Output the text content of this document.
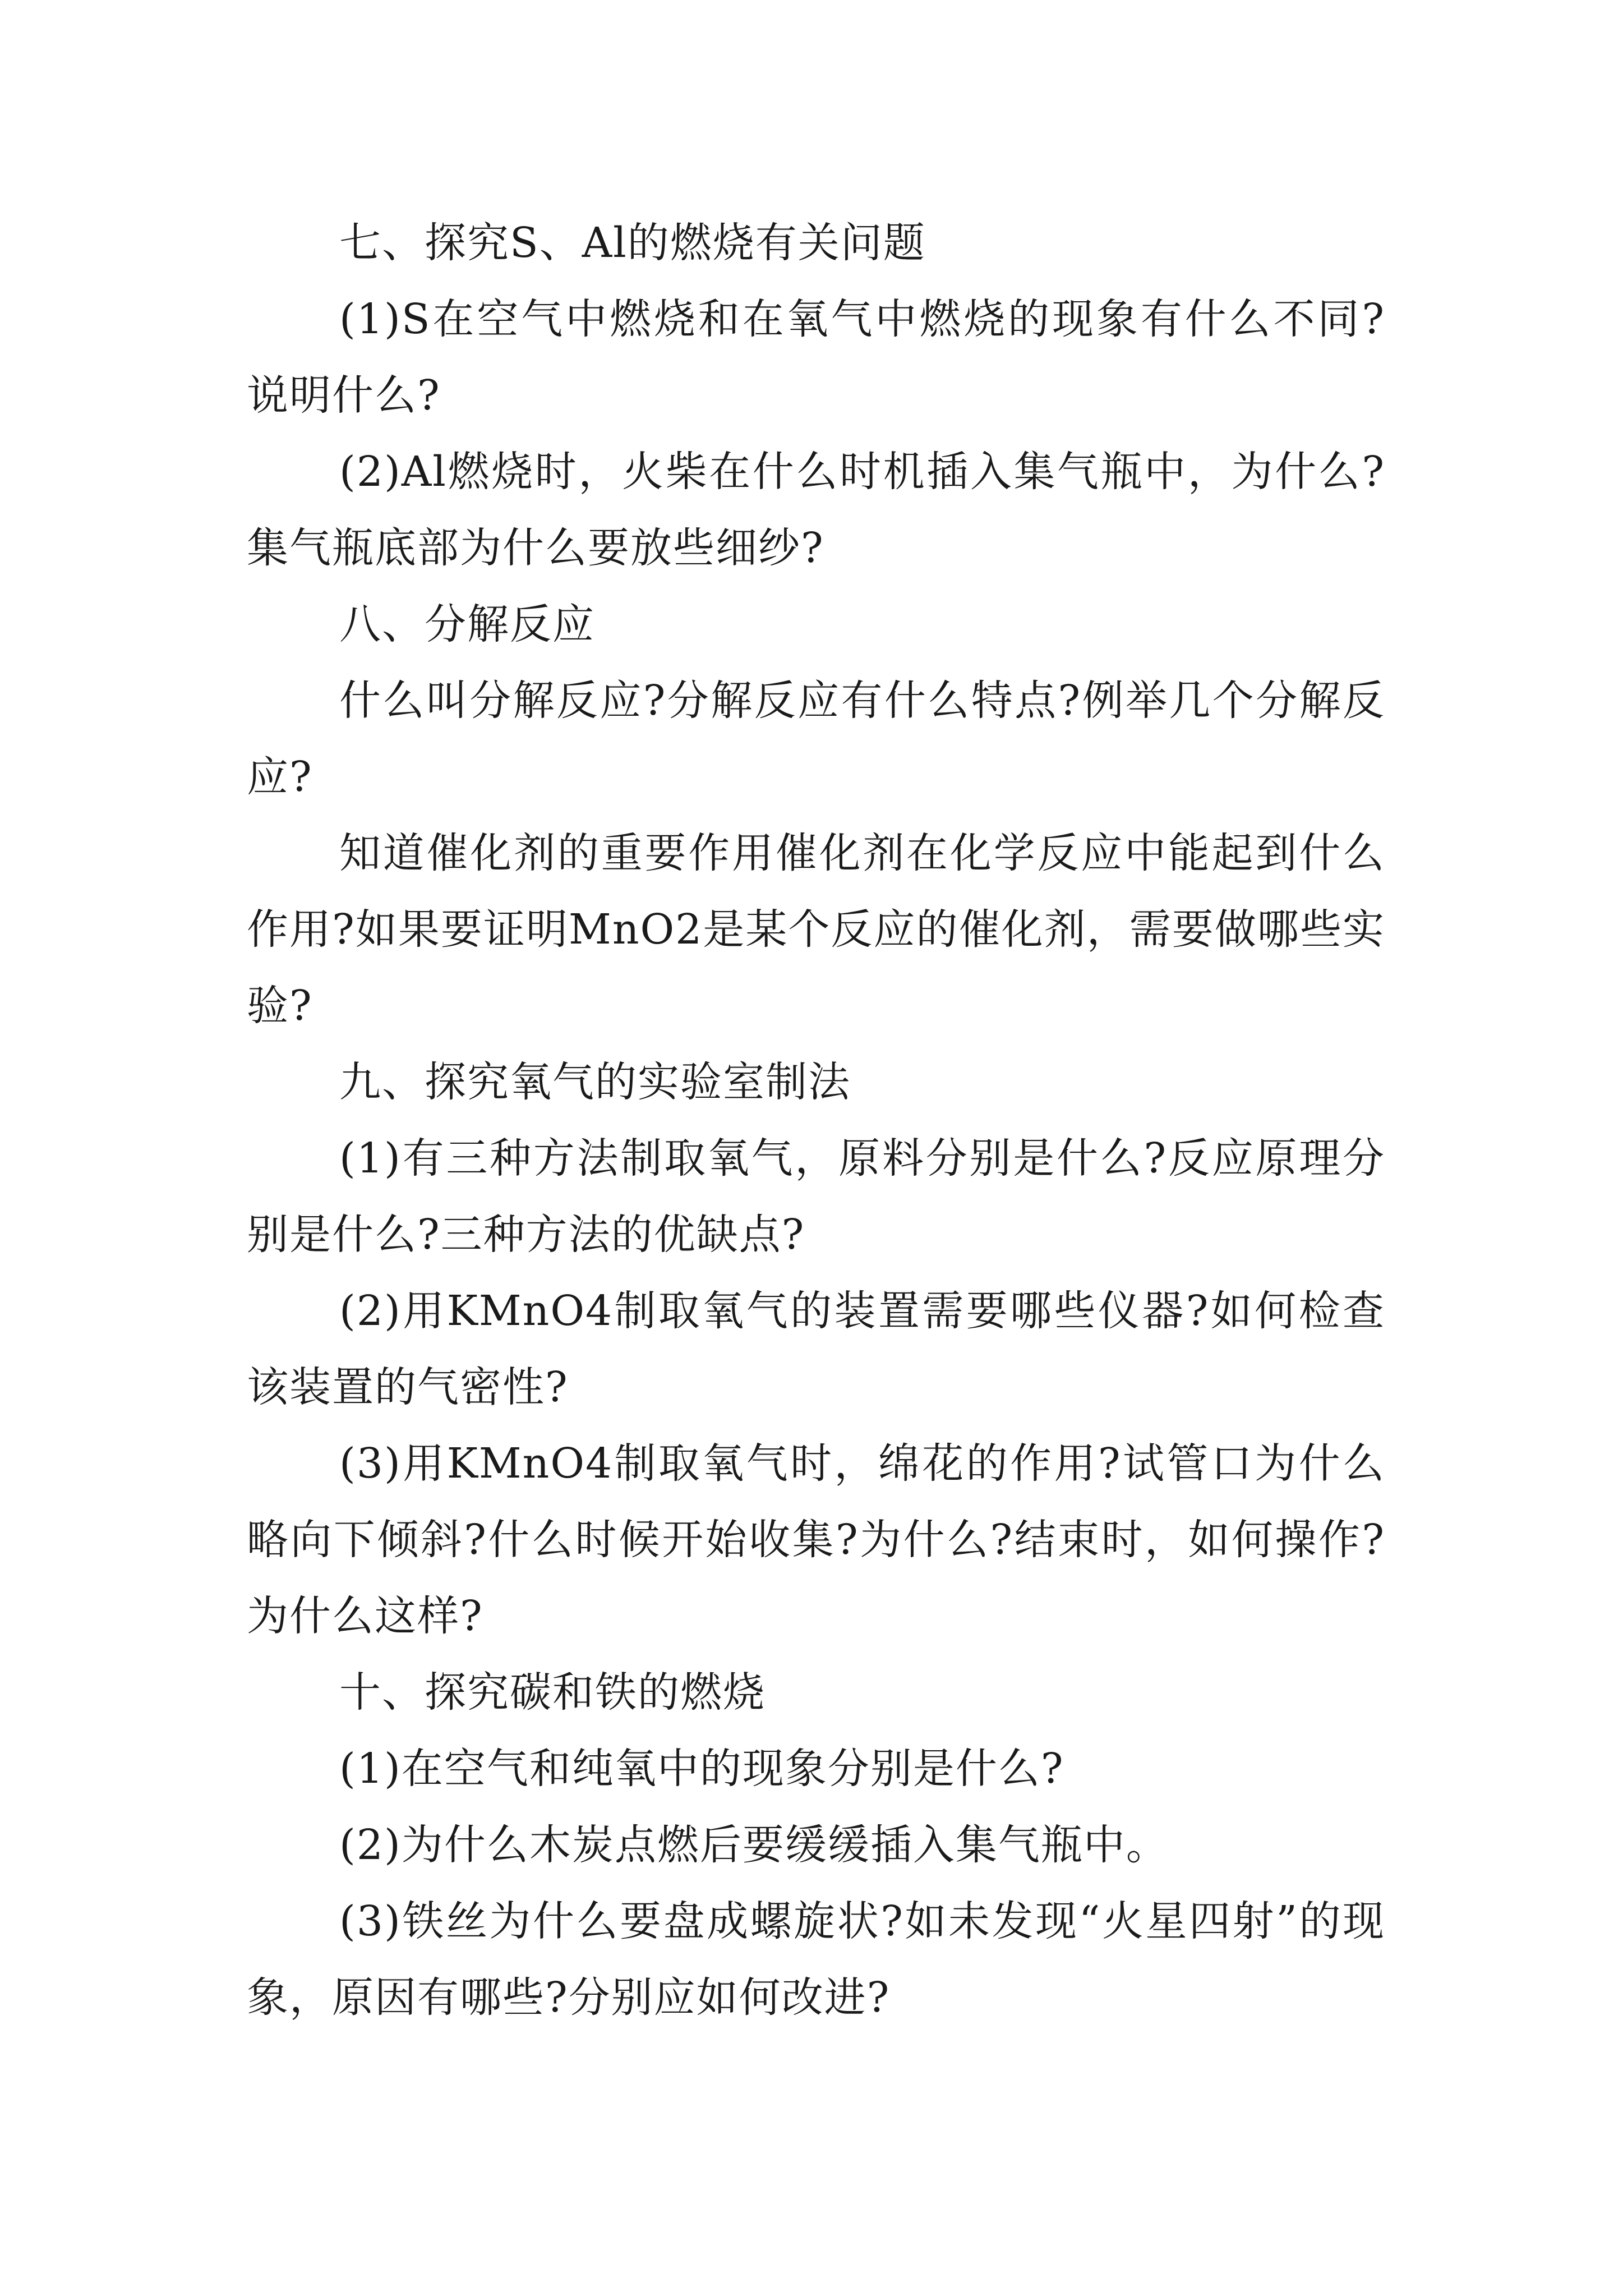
七、探究S、Al的燃烧有关问题

(1)S在空气中燃烧和在氧气中燃烧的现象有什么不同?说明什么?

(2)Al燃烧时，火柴在什么时机插入集气瓶中，为什么?集气瓶底部为什么要放些细纱?

八、分解反应

什么叫分解反应?分解反应有什么特点?例举几个分解反应?

知道催化剂的重要作用催化剂在化学反应中能起到什么作用?如果要证明MnO2是某个反应的催化剂，需要做哪些实验?

九、探究氧气的实验室制法

(1)有三种方法制取氧气，原料分别是什么?反应原理分别是什么?三种方法的优缺点?

(2)用KMnO4制取氧气的装置需要哪些仪器?如何检查该装置的气密性?

(3)用KMnO4制取氧气时，绵花的作用?试管口为什么略向下倾斜?什么时候开始收集?为什么?结束时，如何操作?为什么这样?

十、探究碳和铁的燃烧

(1)在空气和纯氧中的现象分别是什么?

(2)为什么木炭点燃后要缓缓插入集气瓶中。

(3)铁丝为什么要盘成螺旋状?如未发现“火星四射”的现象，原因有哪些?分别应如何改进?
